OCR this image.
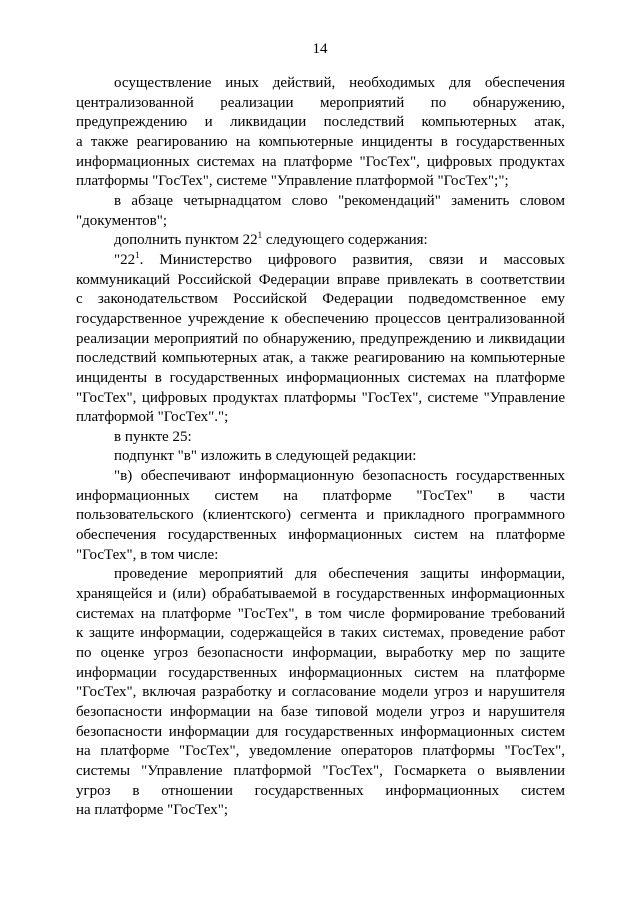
14
осуществление иных действий, необходимых для обеспечения
централизованной реализации мероприятий по обнаружению,
предупреждению и ликвидации последствий компьютерных атак,
а также реагированию на компьютерные инциденты в государственных
информационных системах на платформе "ГосТех", цифровых продуктах
платформы "ГосТех", системе "Управление платформой "ГосТех";";
в абзаце четырнадцатом слово "рекомендаций" заменить словом
"документов";
дополнить пунктом $22^1$ следующего содержания:
"$22^1$. Министерство цифрового развития, связи и массовых
коммуникаций Российской Федерации вправе привлекать в соответствии
с законодательством Российской Федерации подведомственное ему
государственное учреждение к обеспечению процессов централизованной
реализации мероприятий по обнаружению, предупреждению и ликвидации
последствий компьютерных атак, а также реагированию на компьютерные
инциденты в государственных информационных системах на платформе
"ГосТех", цифровых продуктах платформы "ГосТех", системе "Управление
платформой "ГосТех".";
в пункте 25:
подпункт "в" изложить в следующей редакции:
"в) обеспечивают информационную безопасность государственных
информационных систем на платформе "ГосТех" в части
пользовательского (клиентского) сегмента и прикладного программного
обеспечения государственных информационных систем на платформе
"ГосТех", в том числе:
проведение мероприятий для обеспечения защиты информации,
хранящейся и (или) обрабатываемой в государственных информационных
системах на платформе "ГосТех", в том числе формирование требований
к защите информации, содержащейся в таких системах, проведение работ
по оценке угроз безопасности информации, выработку мер по защите
информации государственных информационных систем на платформе
"ГосТех", включая разработку и согласование модели угроз и нарушителя
безопасности информации на базе типовой модели угроз и нарушителя
безопасности информации для государственных информационных систем
на платформе "ГосТех", уведомление операторов платформы "ГосТех",
системы "Управление платформой "ГосТех", Госмаркета о выявлении
угроз в отношении государственных информационных систем
на платформе "ГосТех";
